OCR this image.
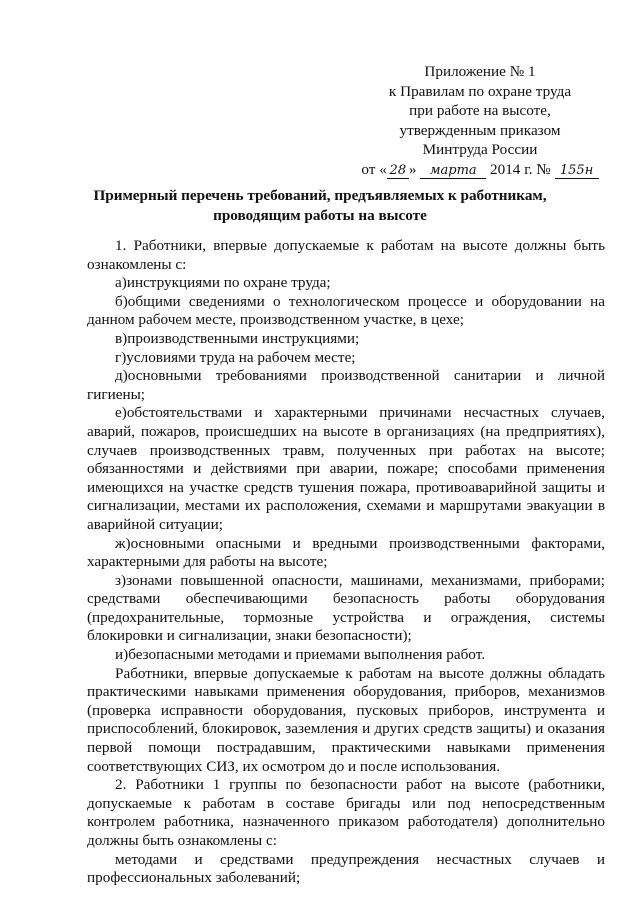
Приложение № 1
к Правилам по охране труда
при работе на высоте,
утвержденным приказом
Минтруда России
от « 28 » марта 2014 г. № 155н
Примерный перечень требований, предъявляемых к работникам,
проводящим работы на высоте

1. Работники, впервые допускаемые к работам на высоте должны быть ознакомлены с:

а)инструкциями по охране труда;

б)общими сведениями о технологическом процессе и оборудовании на данном рабочем месте, производственном участке, в цехе;

в)производственными инструкциями;

г)условиями труда на рабочем месте;

д)основными требованиями производственной санитарии и личной гигиены;

е)обстоятельствами и характерными причинами несчастных случаев, аварий, пожаров, происшедших на высоте в организациях (на предприятиях), случаев производственных травм, полученных при работах на высоте; обязанностями и действиями при аварии, пожаре; способами применения имеющихся на участке средств тушения пожара, противоаварийной защиты и сигнализации, местами их расположения, схемами и маршрутами эвакуации в аварийной ситуации;

ж)основными опасными и вредными производственными факторами, характерными для работы на высоте;

з)зонами повышенной опасности, машинами, механизмами, приборами; средствами обеспечивающими безопасность работы оборудования (предохранительные, тормозные устройства и ограждения, системы блокировки и сигнализации, знаки безопасности);

и)безопасными методами и приемами выполнения работ.

Работники, впервые допускаемые к работам на высоте должны обладать практическими навыками применения оборудования, приборов, механизмов (проверка исправности оборудования, пусковых приборов, инструмента и приспособлений, блокировок, заземления и других средств защиты) и оказания первой помощи пострадавшим, практическими навыками применения соответствующих СИЗ, их осмотром до и после использования.

2. Работники 1 группы по безопасности работ на высоте (работники, допускаемые к работам в составе бригады или под непосредственным контролем работника, назначенного приказом работодателя) дополнительно должны быть ознакомлены с:

методами и средствами предупреждения несчастных случаев и профессиональных заболеваний;
